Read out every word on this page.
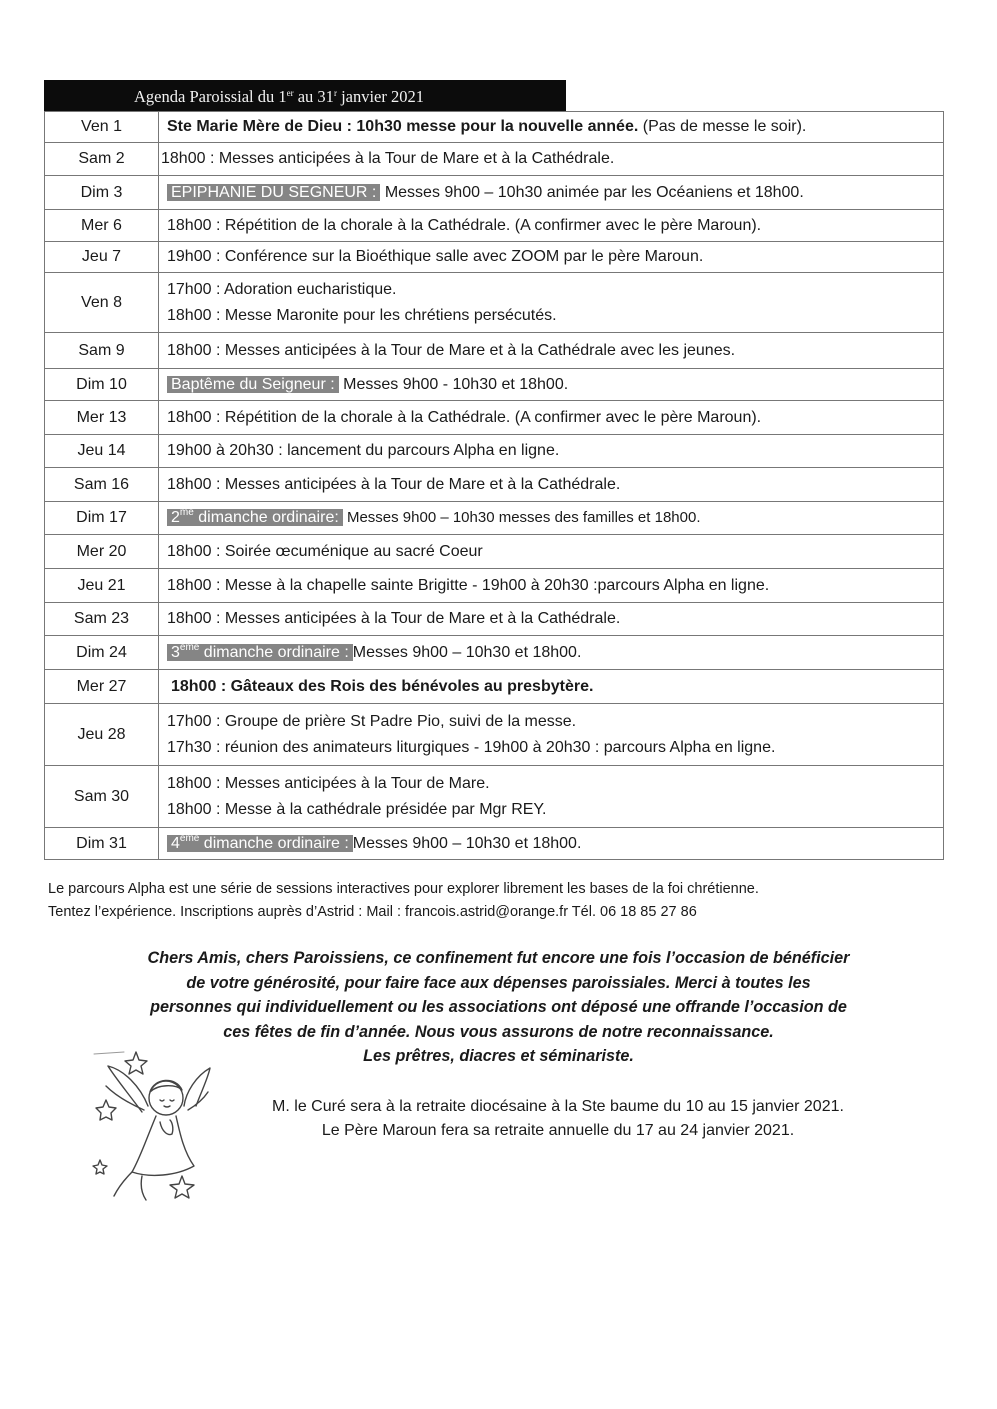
Agenda Paroissial du 1er au 31$^r$ janvier 2021
Ven 1	Ste Marie Mère de Dieu : 10h30 messe pour la nouvelle année. (Pas de messe le soir).
Sam 2	18h00 : Messes anticipées à la Tour de Mare et à la Cathédrale.
Dim 3	EPIPHANIE DU SEGNEUR : Messes 9h00 – 10h30 animée par les Océaniens et 18h00.
Mer 6	18h00 : Répétition de la chorale à la Cathédrale. (A confirmer avec le père Maroun).
Jeu 7	19h00 : Conférence sur la Bioéthique salle avec ZOOM par le père Maroun.
Ven 8	17h00 : Adoration eucharistique.
18h00 : Messe Maronite pour les chrétiens persécutés.

Sam 9	18h00 : Messes anticipées à la Tour de Mare et à la Cathédrale avec les jeunes.
Dim 10	Baptême du Seigneur : Messes 9h00 - 10h30 et 18h00.
Mer 13	18h00 : Répétition de la chorale à la Cathédrale. (A confirmer avec le père Maroun).
Jeu 14	19h00 à 20h30 : lancement du parcours Alpha en ligne.
Sam 16	18h00 : Messes anticipées à la Tour de Mare et à la Cathédrale.
Dim 17	$2^{me}$ dimanche ordinaire: Messes 9h00 – 10h30 messes des familles et 18h00.
Mer 20	18h00 : Soirée œcuménique au sacré Coeur
Jeu 21	18h00 : Messe à la chapelle sainte Brigitte - 19h00 à 20h30 :parcours Alpha en ligne.
Sam 23	18h00 : Messes anticipées à la Tour de Mare et à la Cathédrale.
Dim 24	3ème dimanche ordinaire : Messes 9h00 – 10h30 et 18h00.
Mer 27	18h00 : Gâteaux des Rois des bénévoles au presbytère.
Jeu 28	17h00 : Groupe de prière St Padre Pio, suivi de la messe.
17h30 : réunion des animateurs liturgiques - 19h00 à 20h30 : parcours Alpha en ligne.

Sam 30	18h00 : Messes anticipées à la Tour de Mare.
18h00 : Messe à la cathédrale présidée par Mgr REY.

Dim 31	4ème dimanche ordinaire : Messes 9h00 – 10h30 et 18h00.
Le parcours Alpha est une série de sessions interactives pour explorer librement les bases de la foi chrétienne.
Tentez l’expérience. Inscriptions auprès d’Astrid : Mail : francois.astrid@orange.fr Tél. 06 18 85 27 86
Chers Amis, chers Paroissiens, ce confinement fut encore une fois l’occasion de bénéficier
de votre générosité, pour faire face aux dépenses paroissiales. Merci à toutes les
personnes qui individuellement ou les associations ont déposé une offrande l’occasion de
ces fêtes de fin d’année. Nous vous assurons de notre reconnaissance.
Les prêtres, diacres et séminariste.
M. le Curé sera à la retraite diocésaine à la Ste baume du 10 au 15 janvier 2021.
Le Père Maroun fera sa retraite annuelle du 17 au 24 janvier 2021.
